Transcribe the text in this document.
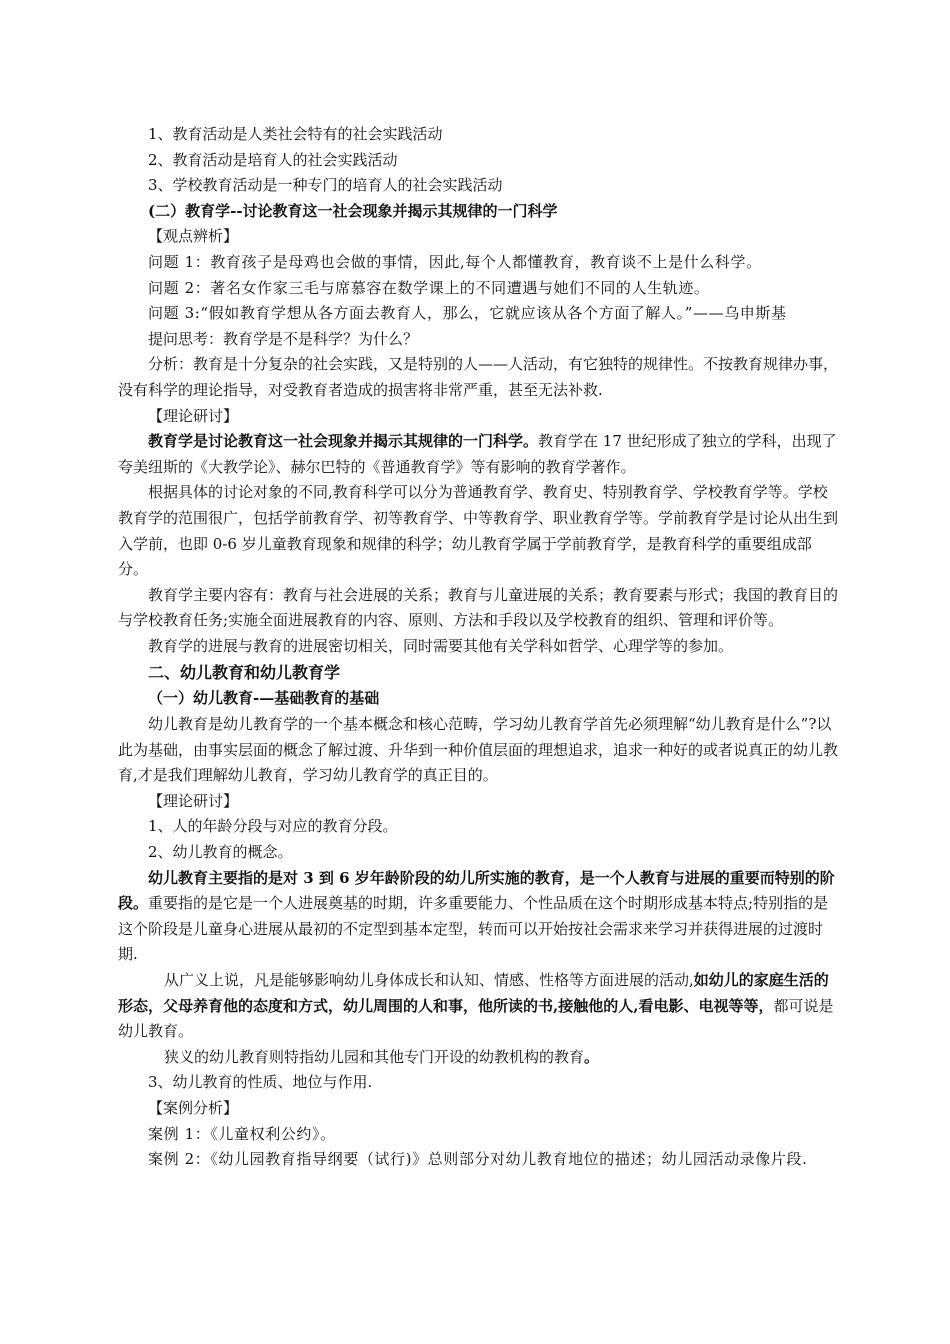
1、教育活动是人类社会特有的社会实践活动

2、教育活动是培育人的社会实践活动

3、学校教育活动是一种专门的培育人的社会实践活动

(二）教育学--讨论教育这一社会现象并揭示其规律的一门科学

【观点辨析】

问题 1：教育孩子是母鸡也会做的事情，因此,每个人都懂教育，教育谈不上是什么科学。

问题 2：著名女作家三毛与席慕容在数学课上的不同遭遇与她们不同的人生轨迹。

问题 3:“假如教育学想从各方面去教育人，那么，它就应该从各个方面了解人。”——乌申斯基

提问思考：教育学是不是科学？为什么？

分析：教育是十分复杂的社会实践，又是特别的人——人活动，有它独特的规律性。不按教育规律办事，没有科学的理论指导，对受教育者造成的损害将非常严重，甚至无法补救.

【理论研讨】

教育学是讨论教育这一社会现象并揭示其规律的一门科学。教育学在 17 世纪形成了独立的学科，出现了夸美纽斯的《大教学论》、赫尔巴特的《普通教育学》等有影响的教育学著作。

根据具体的讨论对象的不同,教育科学可以分为普通教育学、教育史、特别教育学、学校教育学等。学校教育学的范围很广，包括学前教育学、初等教育学、中等教育学、职业教育学等。学前教育学是讨论从出生到入学前，也即 0-6 岁儿童教育现象和规律的科学；幼儿教育学属于学前教育学，是教育科学的重要组成部分。

教育学主要内容有：教育与社会进展的关系；教育与儿童进展的关系；教育要素与形式；我国的教育目的与学校教育任务;实施全面进展教育的内容、原则、方法和手段以及学校教育的组织、管理和评价等。

教育学的进展与教育的进展密切相关，同时需要其他有关学科如哲学、心理学等的参加。

二、幼儿教育和幼儿教育学

（一）幼儿教育-—基础教育的基础

幼儿教育是幼儿教育学的一个基本概念和核心范畴，学习幼儿教育学首先必须理解“幼儿教育是什么”?以此为基础，由事实层面的概念了解过渡、升华到一种价值层面的理想追求，追求一种好的或者说真正的幼儿教育,才是我们理解幼儿教育，学习幼儿教育学的真正目的。

【理论研讨】

1、人的年龄分段与对应的教育分段。

2、幼儿教育的概念。

幼儿教育主要指的是对 3 到 6 岁年龄阶段的幼儿所实施的教育，是一个人教育与进展的重要而特别的阶段。重要指的是它是一个人进展奠基的时期，许多重要能力、个性品质在这个时期形成基本特点;特别指的是这个阶段是儿童身心进展从最初的不定型到基本定型，转而可以开始按社会需求来学习并获得进展的过渡时期.

从广义上说，凡是能够影响幼儿身体成长和认知、情感、性格等方面进展的活动,如幼儿的家庭生活的形态，父母养育他的态度和方式，幼儿周围的人和事，他所读的书,接触他的人,看电影、电视等等，都可说是幼儿教育。

狭义的幼儿教育则特指幼儿园和其他专门开设的幼教机构的教育。

3、幼儿教育的性质、地位与作用.

【案例分析】

案例 1：《儿童权利公约》。

案例 2：《幼儿园教育指导纲要（试行)》总则部分对幼儿教育地位的描述；幼儿园活动录像片段.
